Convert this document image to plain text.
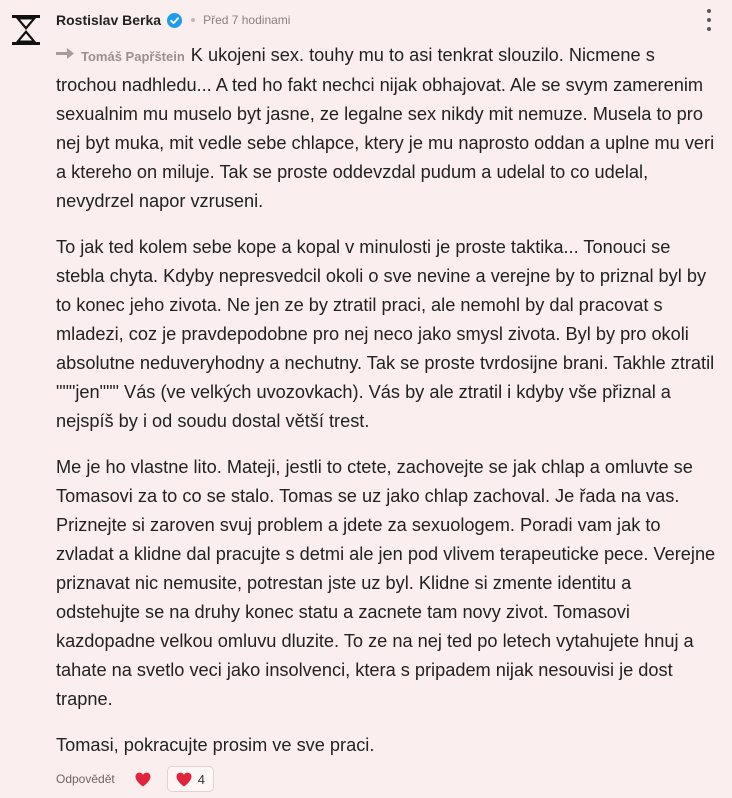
Rostislav Berka	Před 7 hodinami

Tomáš Papřštein K ukojeni sex. touhy mu to asi tenkrat slouzilo. Nicmene s trochou nadhledu... A ted ho fakt nechci nijak obhajovat. Ale se svym zamerenim sexualnim mu muselo byt jasne, ze legalne sex nikdy mit nemuze. Musela to pro nej byt muka, mit vedle sebe chlapce, ktery je mu naprosto oddan a uplne mu veri a ktereho on miluje. Tak se proste oddevzdal pudum a udelal to co udelal, nevydrzel napor vzruseni.

To jak ted kolem sebe kope a kopal v minulosti je proste taktika... Tonouci se stebla chyta. Kdyby nepresvedcil okoli o sve nevine a verejne by to priznal byl by to konec jeho zivota. Ne jen ze by ztratil praci, ale nemohl by dal pracovat s mladezi, coz je pravdepodobne pro nej neco jako smysl zivota. Byl by pro okoli absolutne neduveryhodny a nechutny. Tak se proste tvrdosijne brani. Takhle ztratil """jen""" Vás (ve velkých uvozovkach). Vás by ale ztratil i kdyby vše přiznal a nejspíš by i od soudu dostal větší trest.

Me je ho vlastne lito. Mateji, jestli to ctete, zachovejte se jak chlap a omluvte se Tomasovi za to co se stalo. Tomas se uz jako chlap zachoval. Je řada na vas. Priznejte si zaroven svuj problem a jdete za sexuologem. Poradi vam jak to zvladat a klidne dal pracujte s detmi ale jen pod vlivem terapeuticke pece. Verejne priznavat nic nemusite, potrestan jste uz byl. Klidne si zmente identitu a odstehujte se na druhy konec statu a zacnete tam novy zivot. Tomasovi kazdopadne velkou omluvu dluzite. To ze na nej ted po letech vytahujete hnuj a tahate na svetlo veci jako insolvenci, ktera s pripadem nijak nesouvisi je dost trapne.

Tomasi, pokracujte prosim ve sve praci.

Odpovědět	4
